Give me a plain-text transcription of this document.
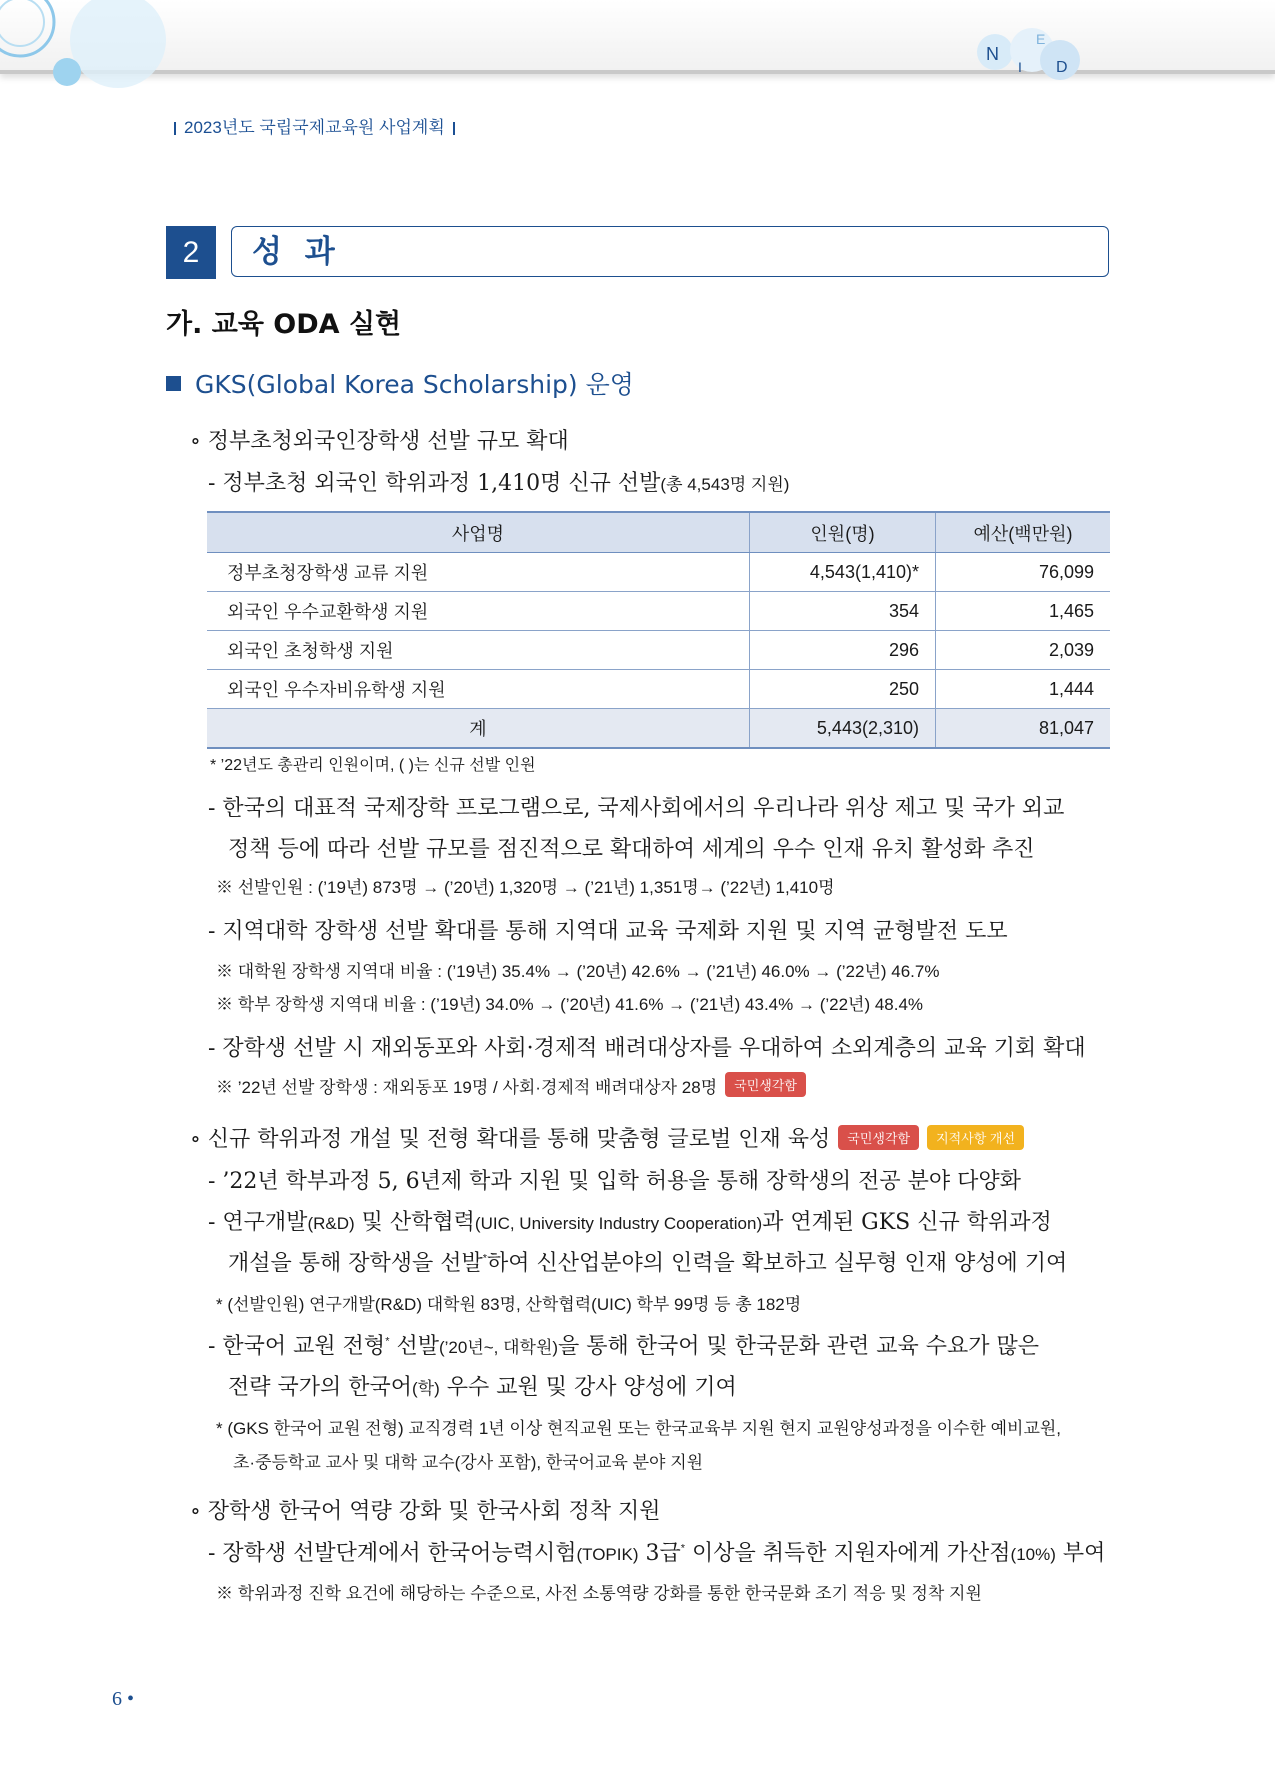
N
I
E
D
2023년도 국립국제교육원 사업계획
2	성 과
가. 교육 ODA 실현
GKS(Global Korea Scholarship) 운영
∘ 정부초청외국인장학생 선발 규모 확대
- 정부초청 외국인 학위과정 1,410명 신규 선발(총 4,543명 지원)
사업명	인원(명)	예산(백만원)
정부초청장학생 교류 지원	4,543(1,410)*	76,099
외국인 우수교환학생 지원	354	1,465
외국인 초청학생 지원	296	2,039
외국인 우수자비유학생 지원	250	1,444
계	5,443(2,310)	81,047
* ’22년도 총관리 인원이며, ( )는 신규 선발 인원
- 한국의 대표적 국제장학 프로그램으로, 국제사회에서의 우리나라 위상 제고 및 국가 외교
정책 등에 따라 선발 규모를 점진적으로 확대하여 세계의 우수 인재 유치 활성화 추진
※ 선발인원 : (’19년) 873명 → (’20년) 1,320명 → (’21년) 1,351명→ (’22년) 1,410명
- 지역대학 장학생 선발 확대를 통해 지역대 교육 국제화 지원 및 지역 균형발전 도모
※ 대학원 장학생 지역대 비율 : (’19년) 35.4% → (’20년) 42.6% → (’21년) 46.0% → (’22년) 46.7%
※ 학부 장학생 지역대 비율 : (’19년) 34.0% → (’20년) 41.6% → (’21년) 43.4% → (’22년) 48.4%
- 장학생 선발 시 재외동포와 사회·경제적 배려대상자를 우대하여 소외계층의 교육 기회 확대
※ ’22년 선발 장학생 : 재외동포 19명 / 사회·경제적 배려대상자 28명 국민생각함
∘ 신규 학위과정 개설 및 전형 확대를 통해 맞춤형 글로벌 인재 육성 국민생각함 지적사항 개선
- ’22년 학부과정 5, 6년제 학과 지원 및 입학 허용을 통해 장학생의 전공 분야 다양화
- 연구개발(R&D) 및 산학협력(UIC, University Industry Cooperation)과 연계된 GKS 신규 학위과정
개설을 통해 장학생을 선발*하여 신산업분야의 인력을 확보하고 실무형 인재 양성에 기여
* (선발인원) 연구개발(R&D) 대학원 83명, 산학협력(UIC) 학부 99명 등 총 182명
- 한국어 교원 전형* 선발(’20년~, 대학원)을 통해 한국어 및 한국문화 관련 교육 수요가 많은
전략 국가의 한국어(학) 우수 교원 및 강사 양성에 기여
* (GKS 한국어 교원 전형) 교직경력 1년 이상 현직교원 또는 한국교육부 지원 현지 교원양성과정을 이수한 예비교원,
초·중등학교 교사 및 대학 교수(강사 포함), 한국어교육 분야 지원
∘ 장학생 한국어 역량 강화 및 한국사회 정착 지원
- 장학생 선발단계에서 한국어능력시험(TOPIK) 3급* 이상을 취득한 지원자에게 가산점(10%) 부여
※ 학위과정 진학 요건에 해당하는 수준으로, 사전 소통역량 강화를 통한 한국문화 조기 적응 및 정착 지원
6 •
